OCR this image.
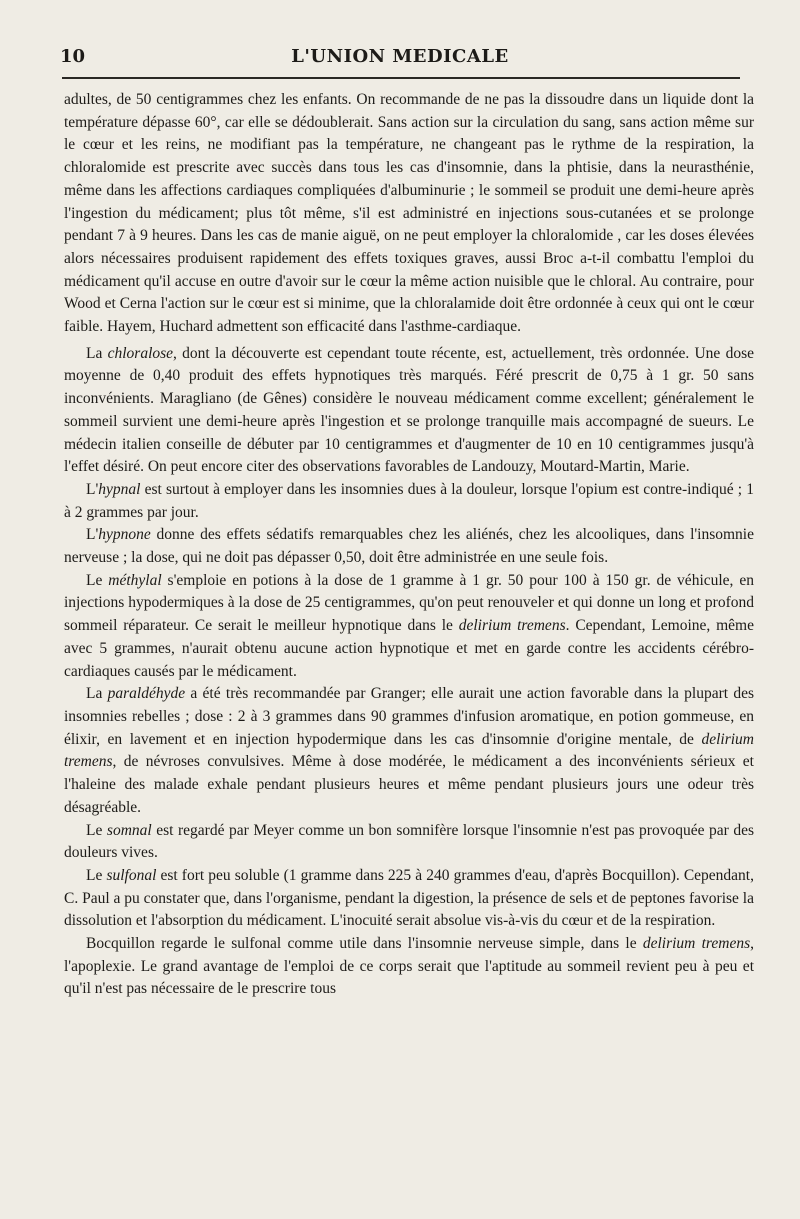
10	L'UNION MEDICALE

adultes, de 50 centigrammes chez les enfants. On recommande de ne pas la dissoudre dans un liquide dont la température dépasse 60°, car elle se dédoublerait. Sans action sur la circulation du sang, sans action même sur le cœur et les reins, ne modifiant pas la température, ne changeant pas le rythme de la respiration, la chloralomide est prescrite avec succès dans tous les cas d'insomnie, dans la phtisie, dans la neurasthénie, même dans les affections cardiaques compliquées d'albuminurie ; le sommeil se produit une demi-heure après l'ingestion du médicament; plus tôt même, s'il est administré en injections sous-cutanées et se prolonge pendant 7 à 9 heures. Dans les cas de manie aiguë, on ne peut employer la chloralomide , car les doses élevées alors nécessaires produisent rapidement des effets toxiques graves, aussi Broc a-t-il combattu l'emploi du médicament qu'il accuse en outre d'avoir sur le cœur la même action nuisible que le chloral. Au contraire, pour Wood et Cerna l'action sur le cœur est si minime, que la chloralamide doit être ordonnée à ceux qui ont le cœur faible. Hayem, Huchard admettent son efficacité dans l'asthme-cardiaque.

La chloralose, dont la découverte est cependant toute récente, est, actuellement, très ordonnée. Une dose moyenne de 0,40 produit des effets hypnotiques très marqués. Féré prescrit de 0,75 à 1 gr. 50 sans inconvénients. Maragliano (de Gênes) considère le nouveau médicament comme excellent; généralement le sommeil survient une demi-heure après l'ingestion et se prolonge tranquille mais accompagné de sueurs. Le médecin italien conseille de débuter par 10 centigrammes et d'augmenter de 10 en 10 centigrammes jusqu'à l'effet désiré. On peut encore citer des observations favorables de Landouzy, Moutard-Martin, Marie.

L'hypnal est surtout à employer dans les insomnies dues à la douleur, lorsque l'opium est contre-indiqué ; 1 à 2 grammes par jour.

L'hypnone donne des effets sédatifs remarquables chez les aliénés, chez les alcooliques, dans l'insomnie nerveuse ; la dose, qui ne doit pas dépasser 0,50, doit être administrée en une seule fois.

Le méthylal s'emploie en potions à la dose de 1 gramme à 1 gr. 50 pour 100 à 150 gr. de véhicule, en injections hypodermiques à la dose de 25 centigrammes, qu'on peut renouveler et qui donne un long et profond sommeil réparateur. Ce serait le meilleur hypnotique dans le delirium tremens. Cependant, Lemoine, même avec 5 grammes, n'aurait obtenu aucune action hypnotique et met en garde contre les accidents cérébro-cardiaques causés par le médicament.

La paraldéhyde a été très recommandée par Granger; elle aurait une action favorable dans la plupart des insomnies rebelles ; dose : 2 à 3 grammes dans 90 grammes d'infusion aromatique, en potion gommeuse, en élixir, en lavement et en injection hypodermique dans les cas d'insomnie d'origine mentale, de delirium tremens, de névroses convulsives. Même à dose modérée, le médicament a des inconvénients sérieux et l'haleine des malade exhale pendant plusieurs heures et même pendant plusieurs jours une odeur très désagréable.

Le somnal est regardé par Meyer comme un bon somnifère lorsque l'insomnie n'est pas provoquée par des douleurs vives.

Le sulfonal est fort peu soluble (1 gramme dans 225 à 240 grammes d'eau, d'après Bocquillon). Cependant, C. Paul a pu constater que, dans l'organisme, pendant la digestion, la présence de sels et de peptones favorise la dissolution et l'absorption du médicament. L'inocuité serait absolue vis-à-vis du cœur et de la respiration.

Bocquillon regarde le sulfonal comme utile dans l'insomnie nerveuse simple, dans le delirium tremens, l'apoplexie. Le grand avantage de l'emploi de ce corps serait que l'aptitude au sommeil revient peu à peu et qu'il n'est pas nécessaire de le prescrire tous
